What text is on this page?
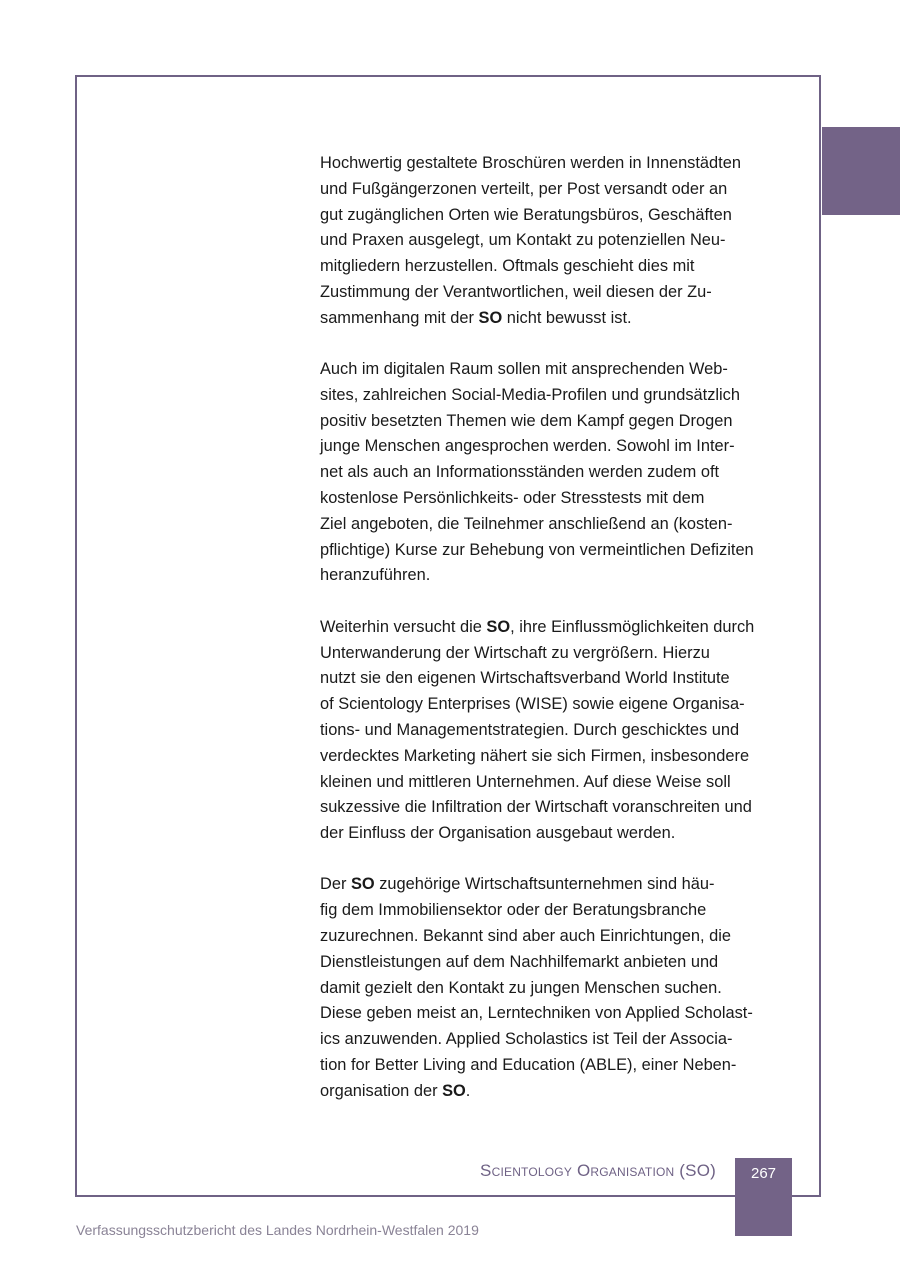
Hochwertig gestaltete Broschüren werden in Innenstädten
und Fußgängerzonen verteilt, per Post versandt oder an
gut zugänglichen Orten wie Beratungsbüros, Geschäften
und Praxen ausgelegt, um Kontakt zu potenziellen Neu-
mitgliedern herzustellen. Oftmals geschieht dies mit
Zustimmung der Verantwortlichen, weil diesen der Zu-
sammenhang mit der SO nicht bewusst ist.

Auch im digitalen Raum sollen mit ansprechenden Web-
sites, zahlreichen Social-Media-Profilen und grundsätzlich
positiv besetzten Themen wie dem Kampf gegen Drogen
junge Menschen angesprochen werden. Sowohl im Inter-
net als auch an Informationsständen werden zudem oft
kostenlose Persönlichkeits- oder Stresstests mit dem
Ziel angeboten, die Teilnehmer anschließend an (kosten-
pflichtige) Kurse zur Behebung von vermeintlichen Defiziten
heranzuführen.

Weiterhin versucht die SO, ihre Einflussmöglichkeiten durch
Unterwanderung der Wirtschaft zu vergrößern. Hierzu
nutzt sie den eigenen Wirtschaftsverband World Institute
of Scientology Enterprises (WISE) sowie eigene Organisa-
tions- und Managementstrategien. Durch geschicktes und
verdecktes Marketing nähert sie sich Firmen, insbesondere
kleinen und mittleren Unternehmen. Auf diese Weise soll
sukzessive die Infiltration der Wirtschaft voranschreiten und
der Einfluss der Organisation ausgebaut werden.

Der SO zugehörige Wirtschaftsunternehmen sind häu-
fig dem Immobiliensektor oder der Beratungsbranche
zuzurechnen. Bekannt sind aber auch Einrichtungen, die
Dienstleistungen auf dem Nachhilfemarkt anbieten und
damit gezielt den Kontakt zu jungen Menschen suchen.
Diese geben meist an, Lerntechniken von Applied Scholast-
ics anzuwenden. Applied Scholastics ist Teil der Associa-
tion for Better Living and Education (ABLE), einer Neben-
organisation der SO.

Scientology Organisation (SO)	267
Verfassungsschutzbericht des Landes Nordrhein-Westfalen 2019
